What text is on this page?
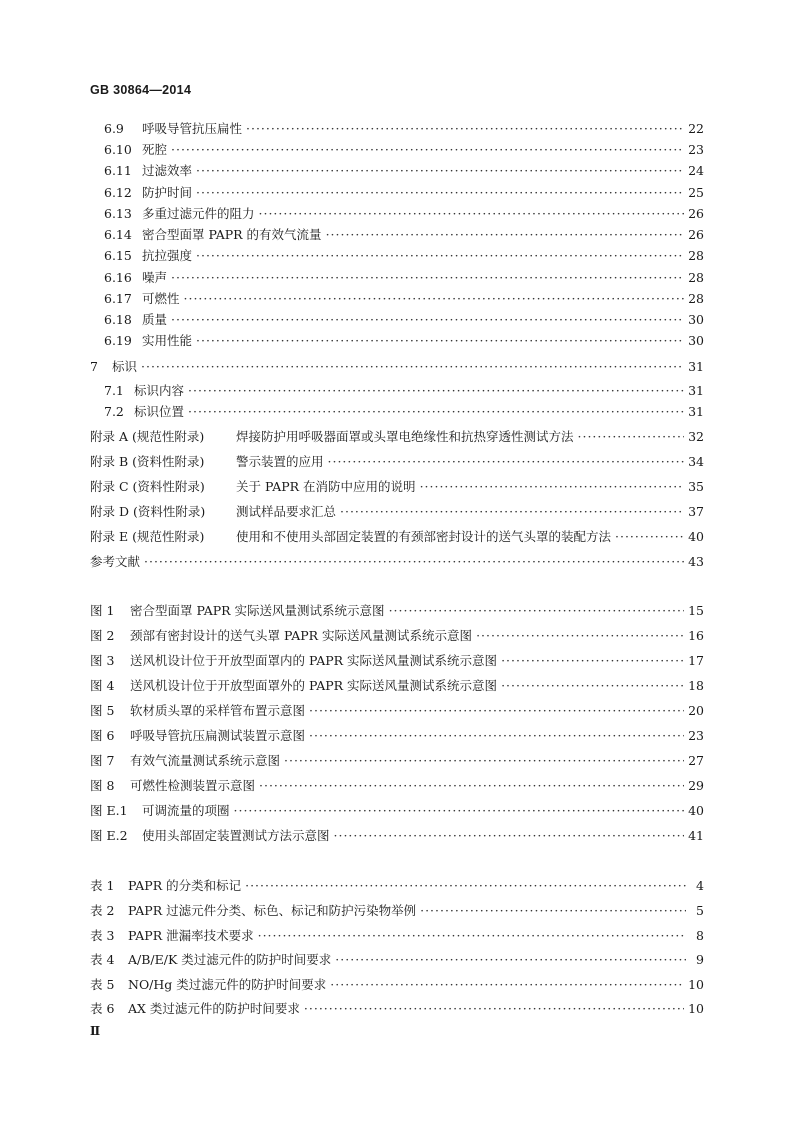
GB 30864—2014
6.9 呼吸导管抗压扁性 ·····	22
6.10 死腔 ·····	23
6.11 过滤效率 ·····	24
6.12 防护时间 ·····	25
6.13 多重过滤元件的阻力 ·····	26
6.14 密合型面罩 PAPR 的有效气流量 ·····	26
6.15 抗拉强度 ·····	28
6.16 噪声 ·····	28
6.17 可燃性 ·····	28
6.18 质量 ·····	30
6.19 实用性能 ·····	30
7 标识 ·····	31
7.1 标识内容 ·····	31
7.2 标识位置 ·····	31
附录 A (规范性附录)	焊接防护用呼吸器面罩或头罩电绝缘性和抗热穿透性测试方法 ·····	32
附录 B (资料性附录)	警示装置的应用 ·····	34
附录 C (资料性附录) 关于 PAPR 在消防中应用的说明 ·····	35
附录 D (资料性附录) 测试样品要求汇总 ·····	37
附录 E (规范性附录)	使用和不使用头部固定装置的有颈部密封设计的送气头罩的装配方法 ·····	40
参考文献 ·····	43
图 1 密合型面罩 PAPR 实际送风量测试系统示意图 ·····	15
图 2 颈部有密封设计的送气头罩 PAPR 实际送风量测试系统示意图 ·····	16
图 3 送风机设计位于开放型面罩内的 PAPR 实际送风量测试系统示意图 ·····	17
图 4 送风机设计位于开放型面罩外的 PAPR 实际送风量测试系统示意图 ·····	18
图 5 软材质头罩的采样管布置示意图 ·····	20
图 6 呼吸导管抗压扁测试装置示意图 ·····	23
图 7 有效气流量测试系统示意图 ·····	27
图 8 可燃性检测装置示意图 ·····	29
图 E.1 可调流量的项圈 ·····	40
图 E.2 使用头部固定装置测试方法示意图 ·····	41
表 1 PAPR 的分类和标记 ·····	4
表 2 PAPR 过滤元件分类、标色、标记和防护污染物举例 ·····	5
表 3 PAPR 泄漏率技术要求 ·····	8
表 4 A/B/E/K 类过滤元件的防护时间要求 ·····	9
表 5 NO/Hg 类过滤元件的防护时间要求 ·····	10
表 6 AX 类过滤元件的防护时间要求 ·····	10
Ⅱ
